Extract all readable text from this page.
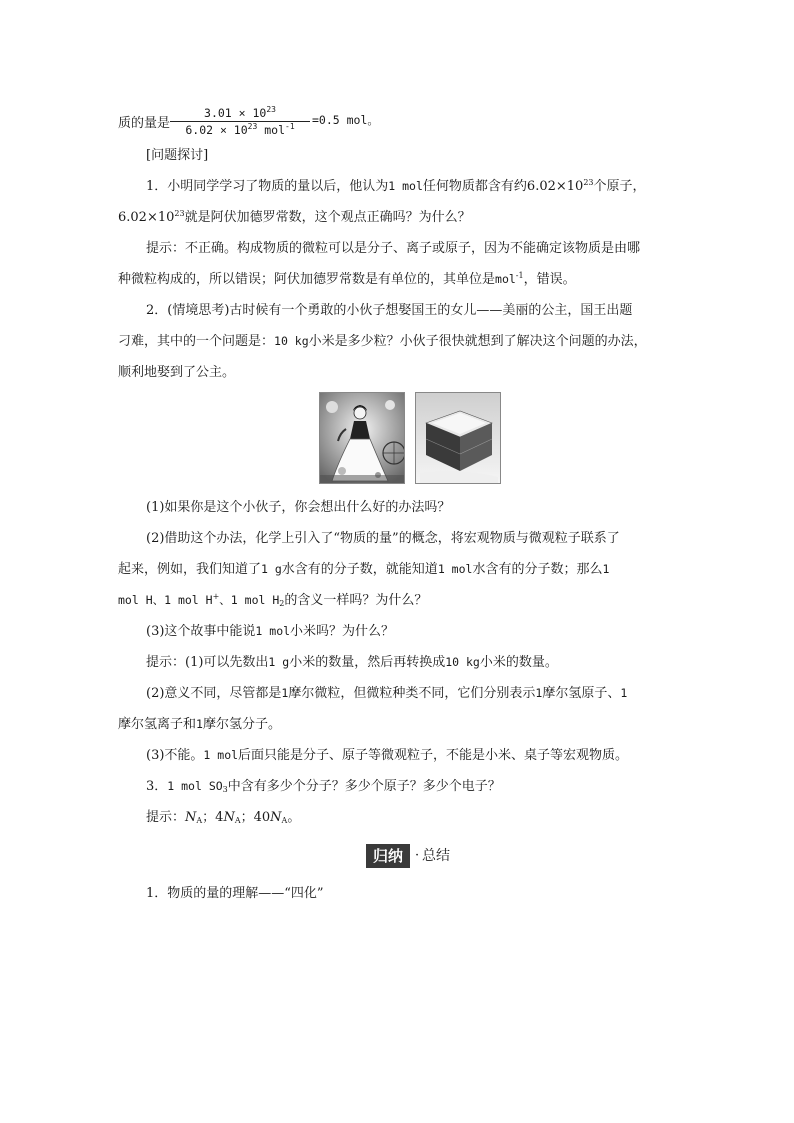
质的量是
$3.01 \times 10^{23}$
$6.02 \times 10^{23}$ mol$^{-1}$	=0.5 mol。
[问题探讨]
1．小明同学学习了物质的量以后，他认为1 mol任何物质都含有约$6.02\times 10^{23}$个原子，
$6.02\times 10^{23}$就是阿伏加德罗常数，这个观点正确吗？为什么？
提示：不正确。构成物质的微粒可以是分子、离子或原子，因为不能确定该物质是由哪
种微粒构成的，所以错误；阿伏加德罗常数是有单位的，其单位是mol$^{-1}$，错误。
2．(情境思考)古时候有一个勇敢的小伙子想娶国王的女儿——美丽的公主，国王出题
刁难，其中的一个问题是：10 kg小米是多少粒？小伙子很快就想到了解决这个问题的办法，
顺利地娶到了公主。
(1)如果你是这个小伙子，你会想出什么好的办法吗？
(2)借助这个办法，化学上引入了“物质的量”的概念，将宏观物质与微观粒子联系了
起来，例如，我们知道了1 g水含有的分子数，就能知道1 mol水含有的分子数；那么1
mol H、1 mol H+、1 mol $H_2$的含义一样吗？为什么？
(3)这个故事中能说1 mol小米吗？为什么？
提示：(1)可以先数出1 g小米的数量，然后再转换成10 kg小米的数量。
(2)意义不同，尽管都是1摩尔微粒，但微粒种类不同，它们分别表示1摩尔氢原子、1
摩尔氢离子和1摩尔氢分子。
(3)不能。1 mol后面只能是分子、原子等微观粒子，不能是小米、桌子等宏观物质。
3．1 mol $SO_3$中含有多少个分子？多少个原子？多少个电子？
提示：$N_A$；$4N_A$；$40N_A$。
归纳 · 总结
1．物质的量的理解——“四化”
